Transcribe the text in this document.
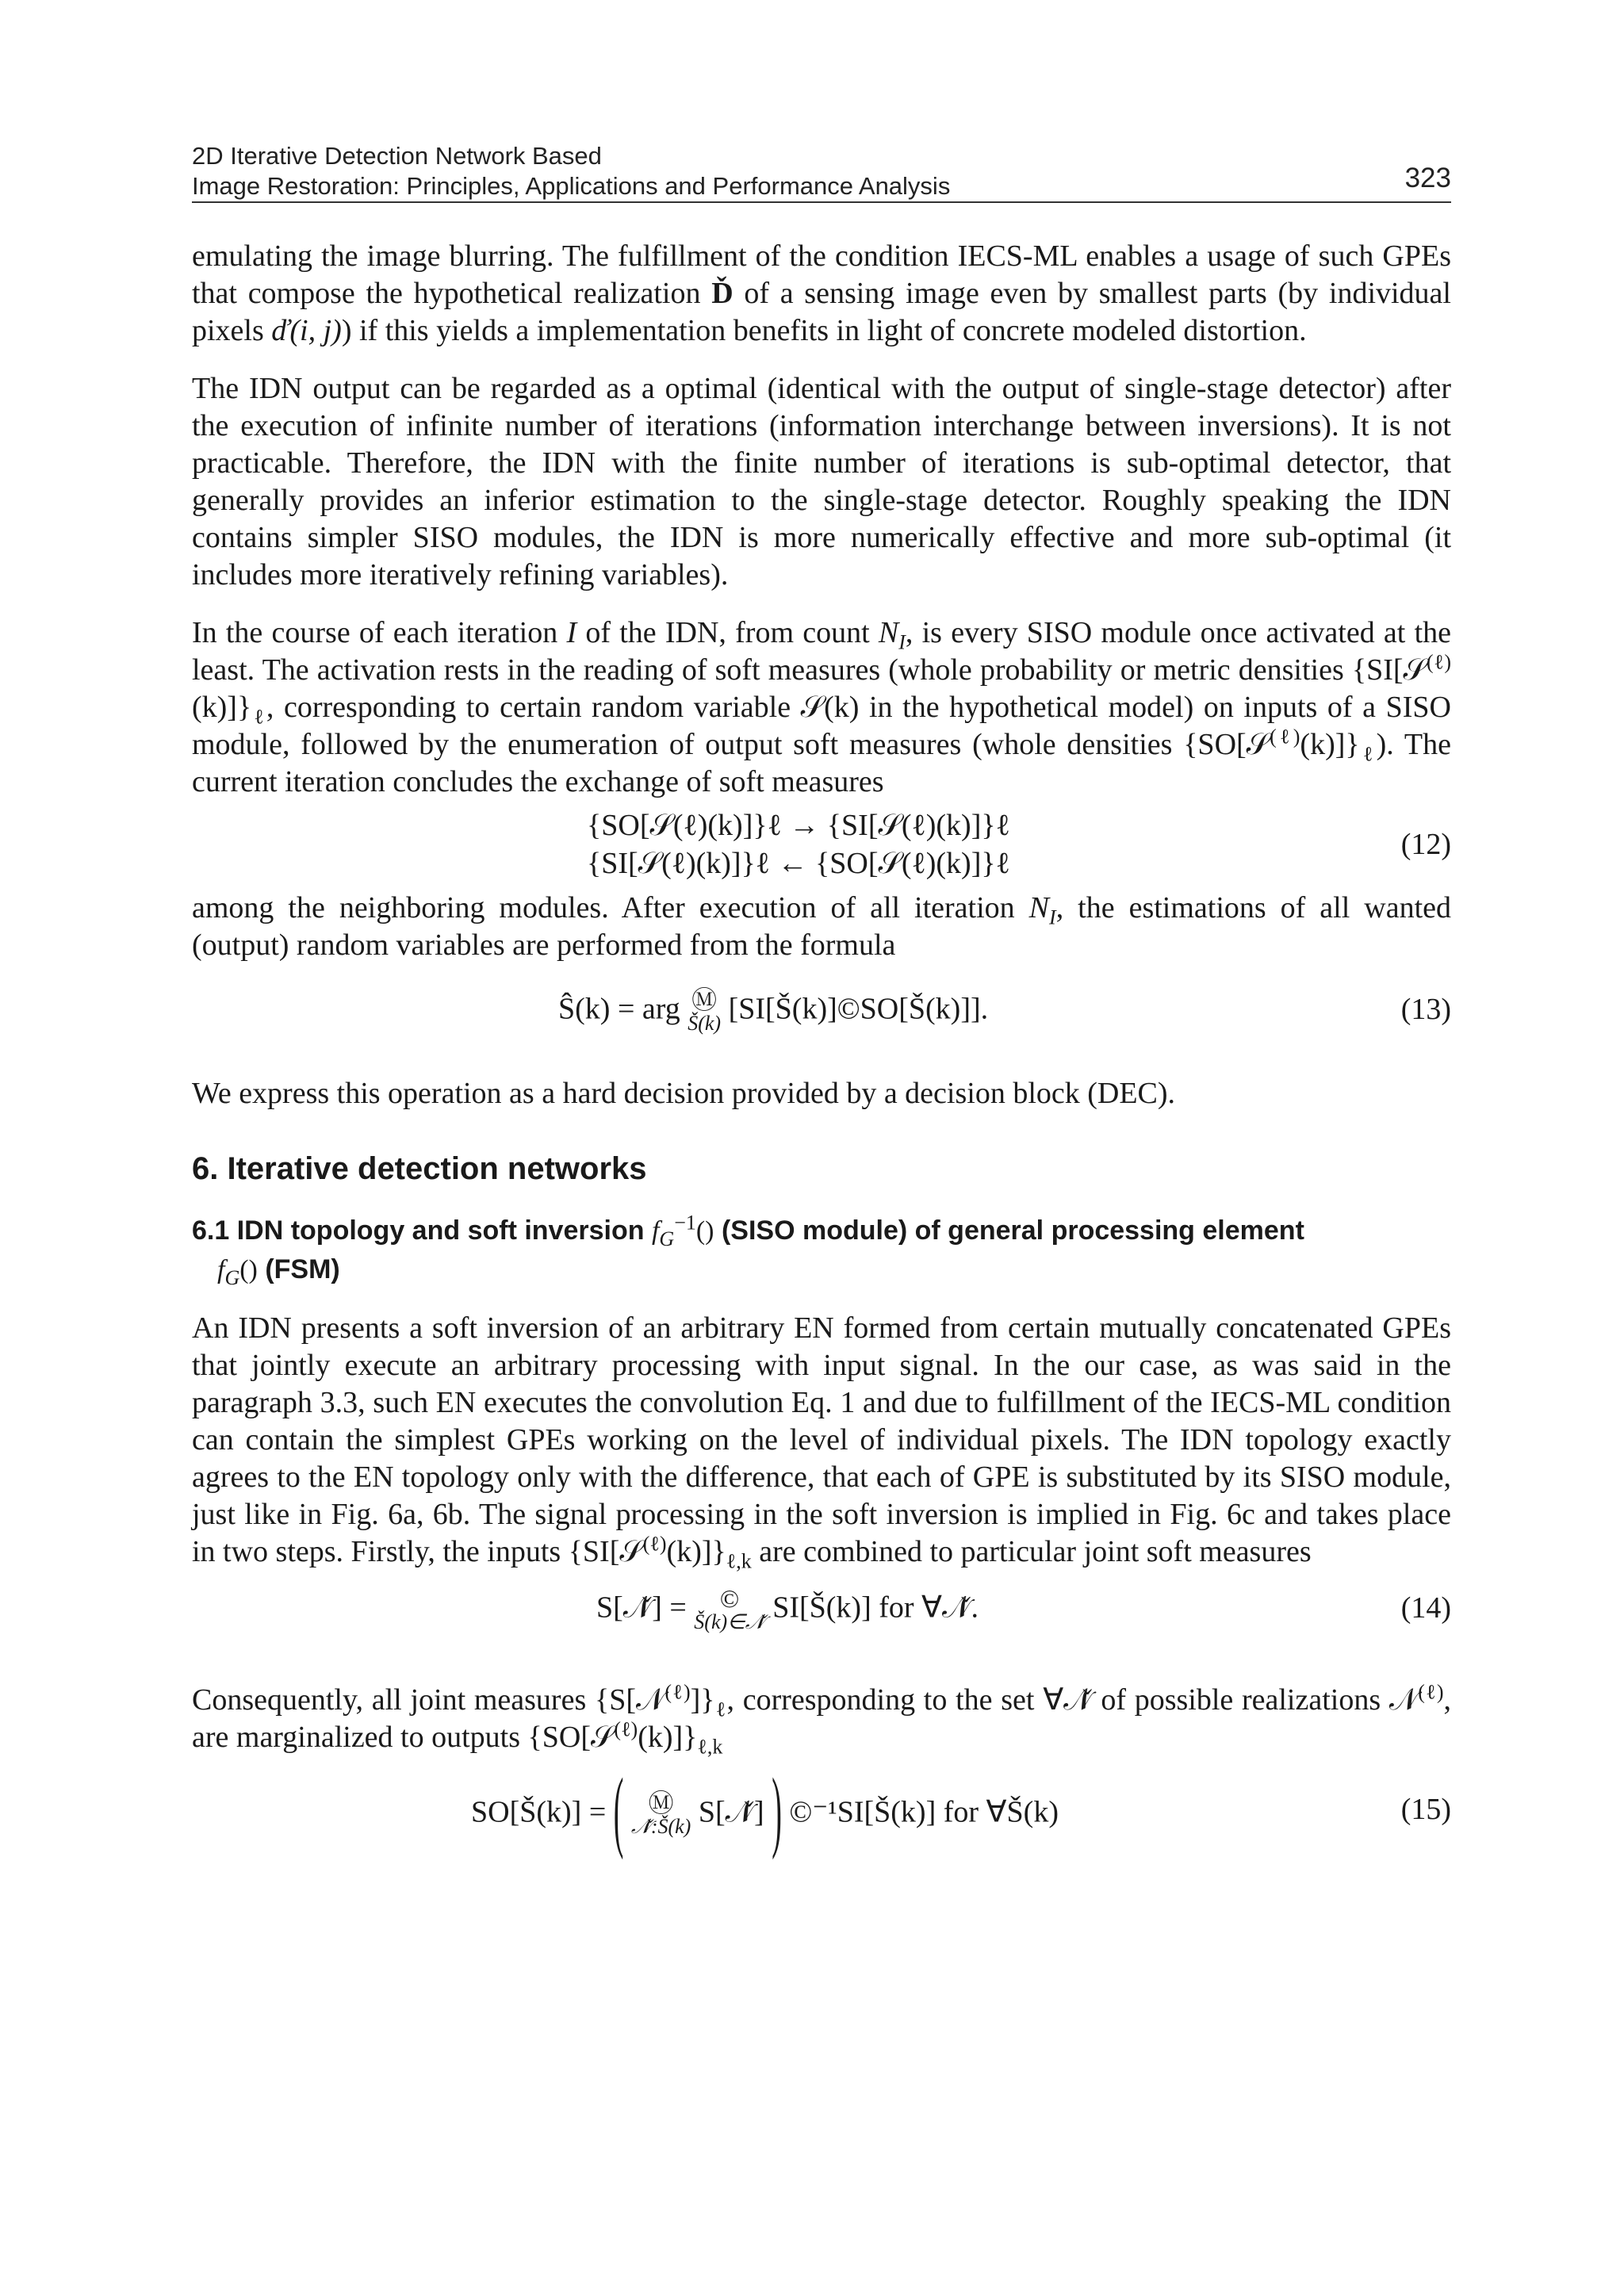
2D Iterative Detection Network Based
Image Restoration: Principles, Applications and Performance Analysis	323

emulating the image blurring. The fulfillment of the condition IECS-ML enables a usage of such GPEs that compose the hypothetical realization Ď of a sensing image even by smallest parts (by individual pixels ď(i, j)) if this yields a implementation benefits in light of concrete modeled distortion.

The IDN output can be regarded as a optimal (identical with the output of single-stage detector) after the execution of infinite number of iterations (information interchange between inversions). It is not practicable. Therefore, the IDN with the finite number of iterations is sub-optimal detector, that generally provides an inferior estimation to the single-stage detector. Roughly speaking the IDN contains simpler SISO modules, the IDN is more numerically effective and more sub-optimal (it includes more iteratively refining variables).

In the course of each iteration I of the IDN, from count $N_I$, is every SISO module once activated at the least. The activation rests in the reading of soft measures (whole probability or metric densities $\{SI[𝒮^{(\ell)}(k)]\}_\ell$, corresponding to certain random variable 𝒮(k) in the hypothetical model) on inputs of a SISO module, followed by the enumeration of output soft measures (whole densities $\{SO[𝒮^{(\ell)}(k)]\}_\ell$). The current iteration concludes the exchange of soft measures

{SO[𝒮(ℓ)(k)]}ℓ → {SI[𝒮(ℓ)(k)]}ℓ
{SI[𝒮(ℓ)(k)]}ℓ ← {SO[𝒮(ℓ)(k)]}ℓ
(12)

among the neighboring modules. After execution of all iteration $N_I$, the estimations of all wanted (output) random variables are performed from the formula

Ŝ(k) = arg Ⓜ
Š(k) [SI[Š(k)]©SO[Š(k)]].	(13)

We express this operation as a hard decision provided by a decision block (DEC).

6. Iterative detection networks
6.1 IDN topology and soft inversion $f_G^{-1}()$ (SISO module) of general processing element
$f_G()$ (FSM)

An IDN presents a soft inversion of an arbitrary EN formed from certain mutually concatenated GPEs that jointly execute an arbitrary processing with input signal. In the our case, as was said in the paragraph 3.3, such EN executes the convolution Eq. 1 and due to fulfillment of the IECS-ML condition can contain the simplest GPEs working on the level of individual pixels. The IDN topology exactly agrees to the EN topology only with the difference, that each of GPE is substituted by its SISO module, just like in Fig. 6a, 6b. The signal processing in the soft inversion is implied in Fig. 6c and takes place in two steps. Firstly, the inputs $\{SI[𝒮^{(\ell)}(k)]\}_{\ell,k}$ are combined to particular joint soft measures

S[𝒩̌] =	©
Š(k)∈𝒩̌ SI[Š(k)] for ∀𝒩̌.	(14)

Consequently, all joint measures $\{S[𝒩^{(\ell)}]\}_\ell$, corresponding to the set ∀𝒩̌ of possible realizations 𝒩$^{(\ell)}$, are marginalized to outputs $\{SO[𝒮^{(\ell)}(k)]\}_{\ell,k}$

SO[Š(k)] = ( Ⓜ
𝒩̌:Š(k) S[𝒩̌] ) ©⁻¹SI[Š(k)] for ∀Š(k)	(15)
